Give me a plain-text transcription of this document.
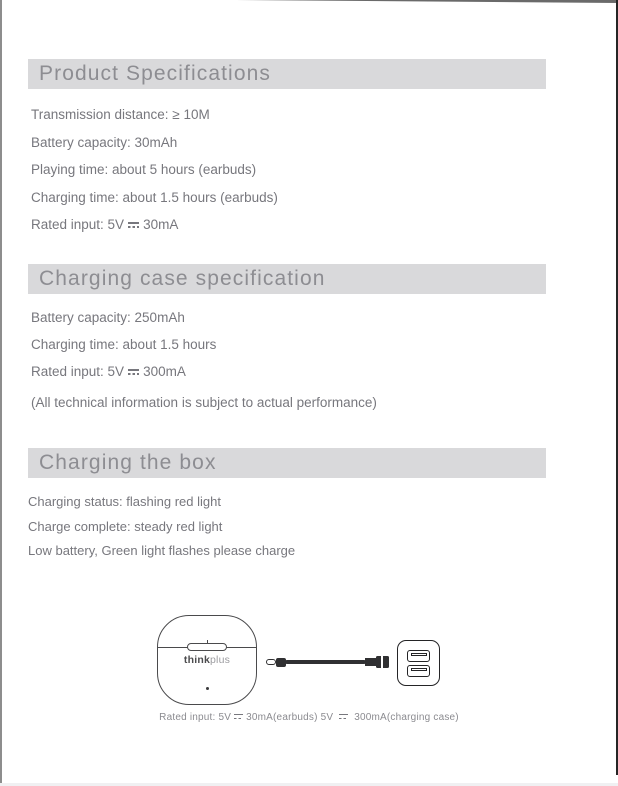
Product Specifications
Transmission distance: ≥ 10M
Battery capacity: 30mAh
Playing time: about 5 hours (earbuds)
Charging time: about 1.5 hours (earbuds)
Rated input: 5V 30mA
Charging case specification
Battery capacity: 250mAh
Charging time: about 1.5 hours
Rated input: 5V 300mA
(All technical information is subject to actual performance)
Charging the box
Charging status: flashing red light
Charge complete: steady red light
Low battery, Green light flashes please charge
thinkplus
Rated input: 5V 30mA(earbuds) 5V 300mA(charging case)
